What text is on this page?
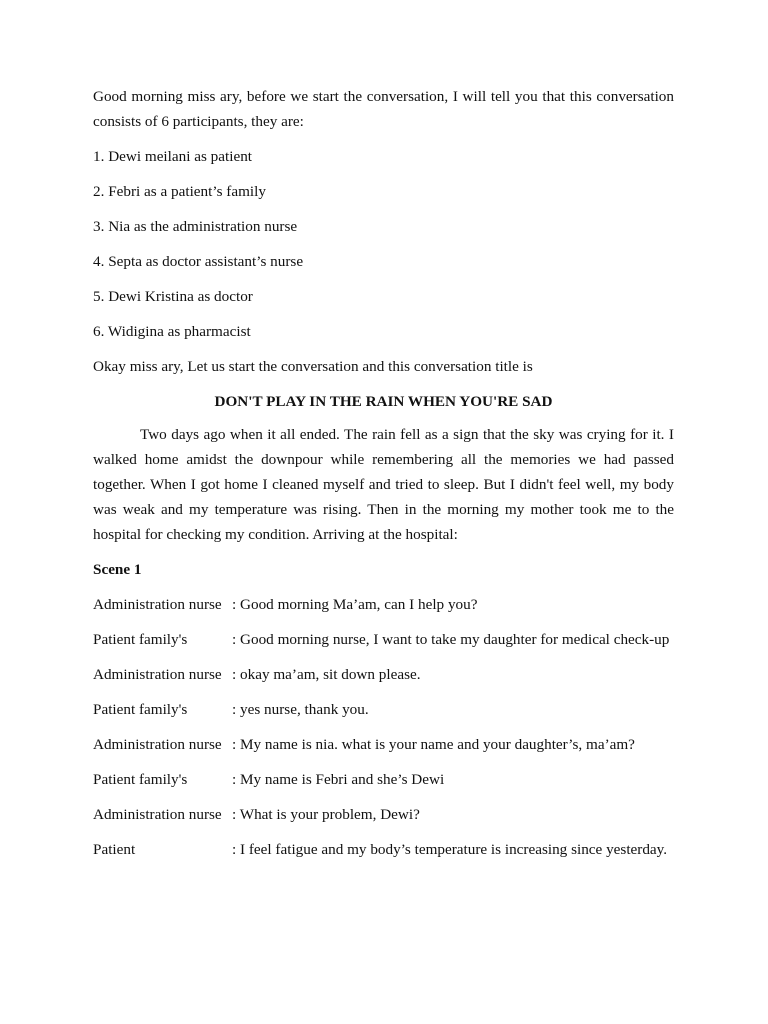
Good morning miss ary, before we start the conversation, I will tell you that this conversation consists of 6 participants, they are:

1. Dewi meilani as patient

2. Febri as a patient’s family

3. Nia as the administration nurse

4. Septa as doctor assistant’s nurse

5. Dewi Kristina as doctor

6. Widigina as pharmacist

Okay miss ary, Let us start the conversation and this conversation title is

DON'T PLAY IN THE RAIN WHEN YOU'RE SAD

Two days ago when it all ended. The rain fell as a sign that the sky was crying for it. I walked home amidst the downpour while remembering all the memories we had passed together. When I got home I cleaned myself and tried to sleep. But I didn't feel well, my body was weak and my temperature was rising. Then in the morning my mother took me to the hospital for checking my condition. Arriving at the hospital:

Scene 1

Administration nurse : Good morning Ma’am, can I help you?
Patient family's	: Good morning nurse, I want to take my daughter for medical check-up
Administration nurse : okay ma’am, sit down please.
Patient family's	: yes nurse, thank you.
Administration nurse : My name is nia. what is your name and your daughter’s, ma’am?
Patient family's	: My name is Febri and she’s Dewi
Administration nurse : What is your problem, Dewi?
Patient	: I feel fatigue and my body’s temperature is increasing since yesterday.
